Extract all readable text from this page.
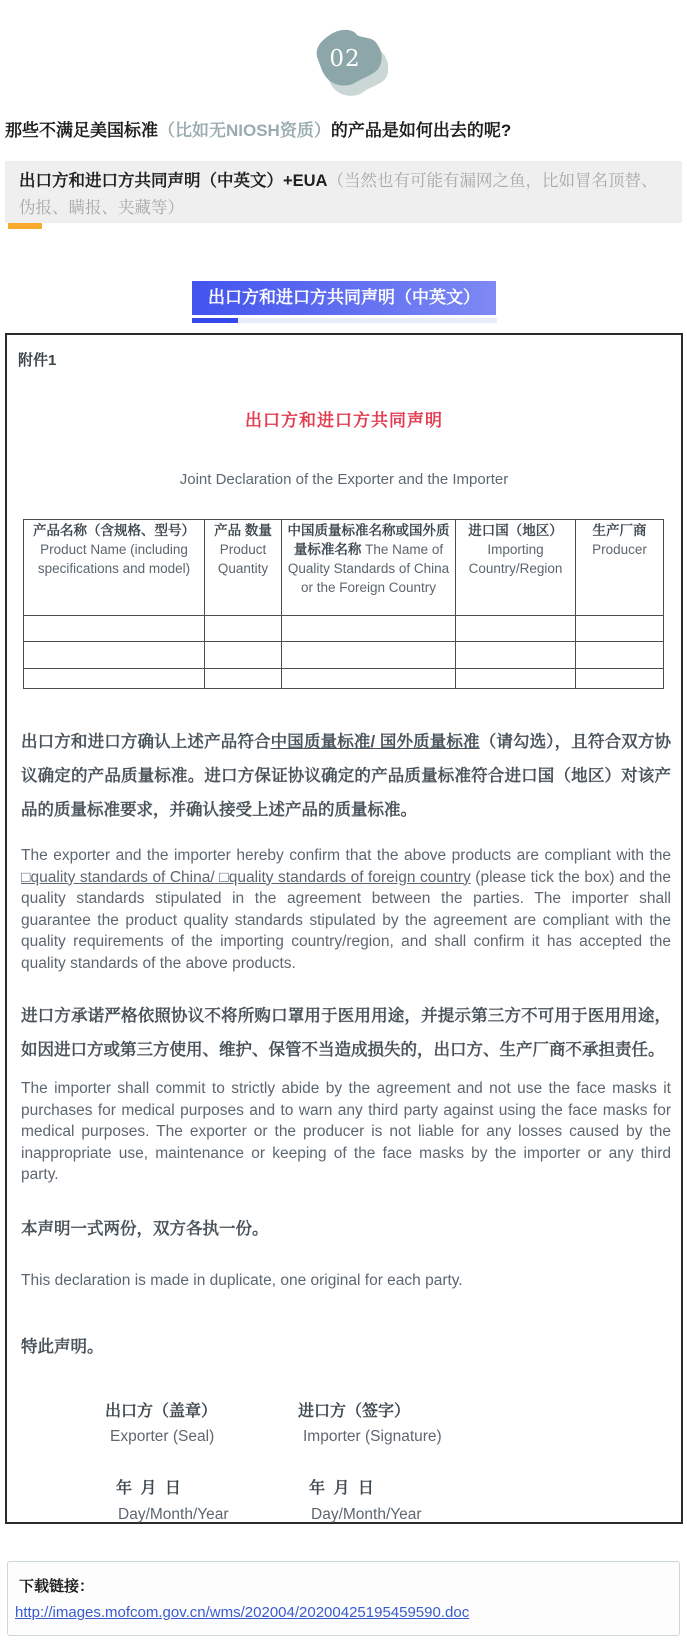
02
那些不满足美国标准（比如无NIOSH资质）的产品是如何出去的呢?
出口方和进口方共同声明（中英文）+EUA（当然也有可能有漏网之鱼，比如冒名顶替、伪报、瞒报、夹藏等）
出口方和进口方共同声明（中英文）
附件1
出口方和进口方共同声明
Joint Declaration of the Exporter and the Importer
产品名称（含规格、型号） Product Name (including specifications and model)	产品 数量 Product Quantity	中国质量标准名称或国外质量标准名称 The Name of Quality Standards of China or the Foreign Country	进口国（地区） Importing Country/Region	生产厂商 Producer

出口方和进口方确认上述产品符合中国质量标准/ 国外质量标准（请勾选），且符合双方协议确定的产品质量标准。进口方保证协议确定的产品质量标准符合进口国（地区）对该产品的质量标准要求，并确认接受上述产品的质量标准。
The exporter and the importer hereby confirm that the above products are compliant with the □quality standards of China/ □quality standards of foreign country (please tick the box) and the quality standards stipulated in the agreement between the parties. The importer shall guarantee the product quality standards stipulated by the agreement are compliant with the quality requirements of the importing country/region, and shall confirm it has accepted the quality standards of the above products.
进口方承诺严格依照协议不将所购口罩用于医用用途，并提示第三方不可用于医用用途，如因进口方或第三方使用、维护、保管不当造成损失的，出口方、生产厂商不承担责任。
The importer shall commit to strictly abide by the agreement and not use the face masks it purchases for medical purposes and to warn any third party against using the face masks for medical purposes. The exporter or the producer is not liable for any losses caused by the inappropriate use, maintenance or keeping of the face masks by the importer or any third party.
本声明一式两份，双方各执一份。
This declaration is made in duplicate, one original for each party.
特此声明。
出口方（盖章）
Exporter (Seal)
年 月 日
Day/Month/Year
进口方（签字）
Importer (Signature)
年 月 日
Day/Month/Year
下载链接：
http://images.mofcom.gov.cn/wms/202004/20200425195459590.doc
